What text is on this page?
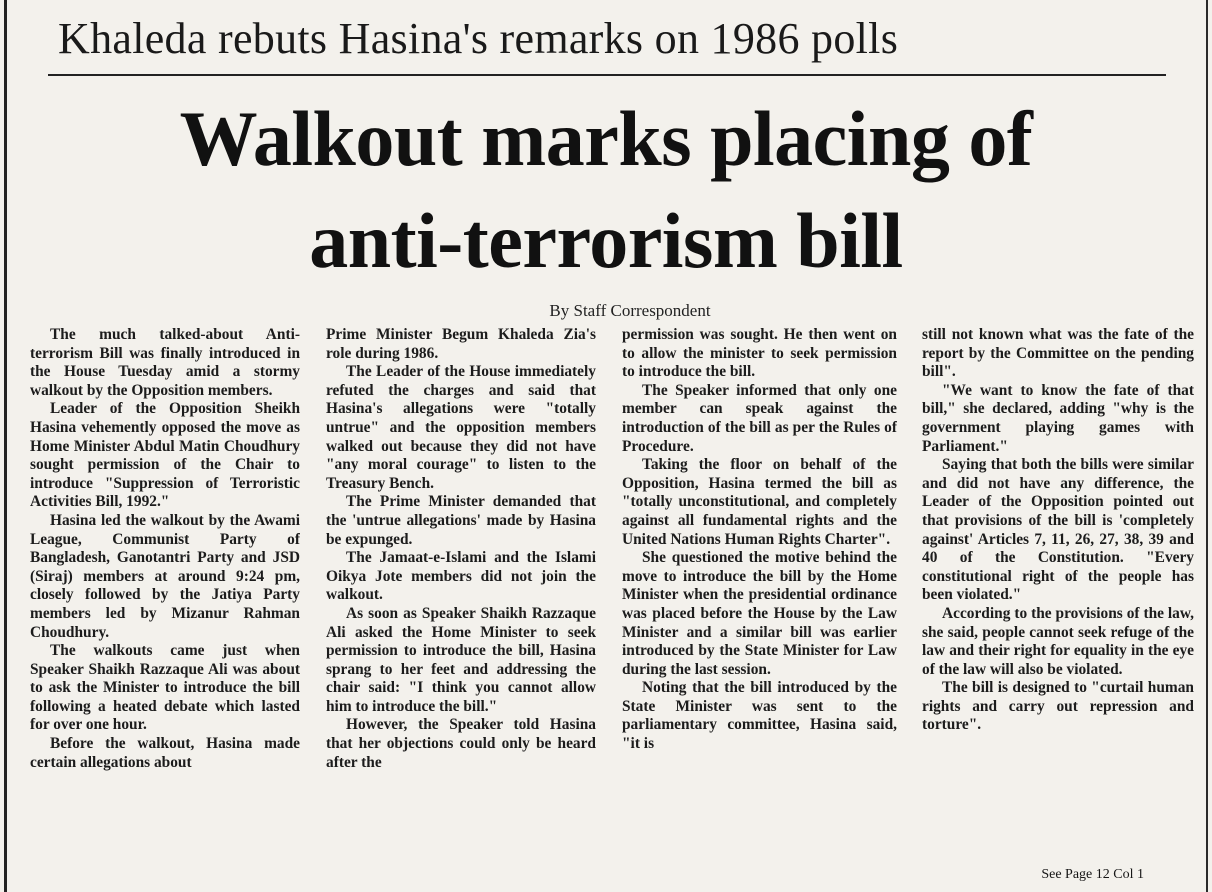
Khaleda rebuts Hasina's remarks on 1986 polls
Walkout marks placing of
anti-terrorism bill
By Staff Correspondent

The much talked-about Anti-terrorism Bill was finally introduced in the House Tuesday amid a stormy walkout by the Opposition members.

Leader of the Opposition Sheikh Hasina vehemently opposed the move as Home Minister Abdul Matin Choudhury sought permission of the Chair to introduce "Suppression of Terroristic Activities Bill, 1992."

Hasina led the walkout by the Awami League, Communist Party of Bangladesh, Ganotantri Party and JSD (Siraj) members at around 9:24 pm, closely followed by the Jatiya Party members led by Mizanur Rahman Choudhury.

The walkouts came just when Speaker Shaikh Razzaque Ali was about to ask the Minister to introduce the bill following a heated debate which lasted for over one hour.

Before the walkout, Hasina made certain allegations about

Prime Minister Begum Khaleda Zia's role during 1986.

The Leader of the House immediately refuted the charges and said that Hasina's allegations were "totally untrue" and the opposition members walked out because they did not have "any moral courage" to listen to the Treasury Bench.

The Prime Minister demanded that the 'untrue allegations' made by Hasina be expunged.

The Jamaat-e-Islami and the Islami Oikya Jote members did not join the walkout.

As soon as Speaker Shaikh Razzaque Ali asked the Home Minister to seek permission to introduce the bill, Hasina sprang to her feet and addressing the chair said: "I think you cannot allow him to introduce the bill."

However, the Speaker told Hasina that her objections could only be heard after the

permission was sought. He then went on to allow the minister to seek permission to introduce the bill.

The Speaker informed that only one member can speak against the introduction of the bill as per the Rules of Procedure.

Taking the floor on behalf of the Opposition, Hasina termed the bill as "totally unconstitutional, and completely against all fundamental rights and the United Nations Human Rights Charter".

She questioned the motive behind the move to introduce the bill by the Home Minister when the presidential ordinance was placed before the House by the Law Minister and a similar bill was earlier introduced by the State Minister for Law during the last session.

Noting that the bill introduced by the State Minister was sent to the parliamentary committee, Hasina said, "it is

still not known what was the fate of the report by the Committee on the pending bill".

"We want to know the fate of that bill," she declared, adding "why is the government playing games with Parliament."

Saying that both the bills were similar and did not have any difference, the Leader of the Opposition pointed out that provisions of the bill is 'completely against' Articles 7, 11, 26, 27, 38, 39 and 40 of the Constitution. "Every constitutional right of the people has been violated."

According to the provisions of the law, she said, people cannot seek refuge of the law and their right for equality in the eye of the law will also be violated.

The bill is designed to "curtail human rights and carry out repression and torture".

See Page 12 Col 1
